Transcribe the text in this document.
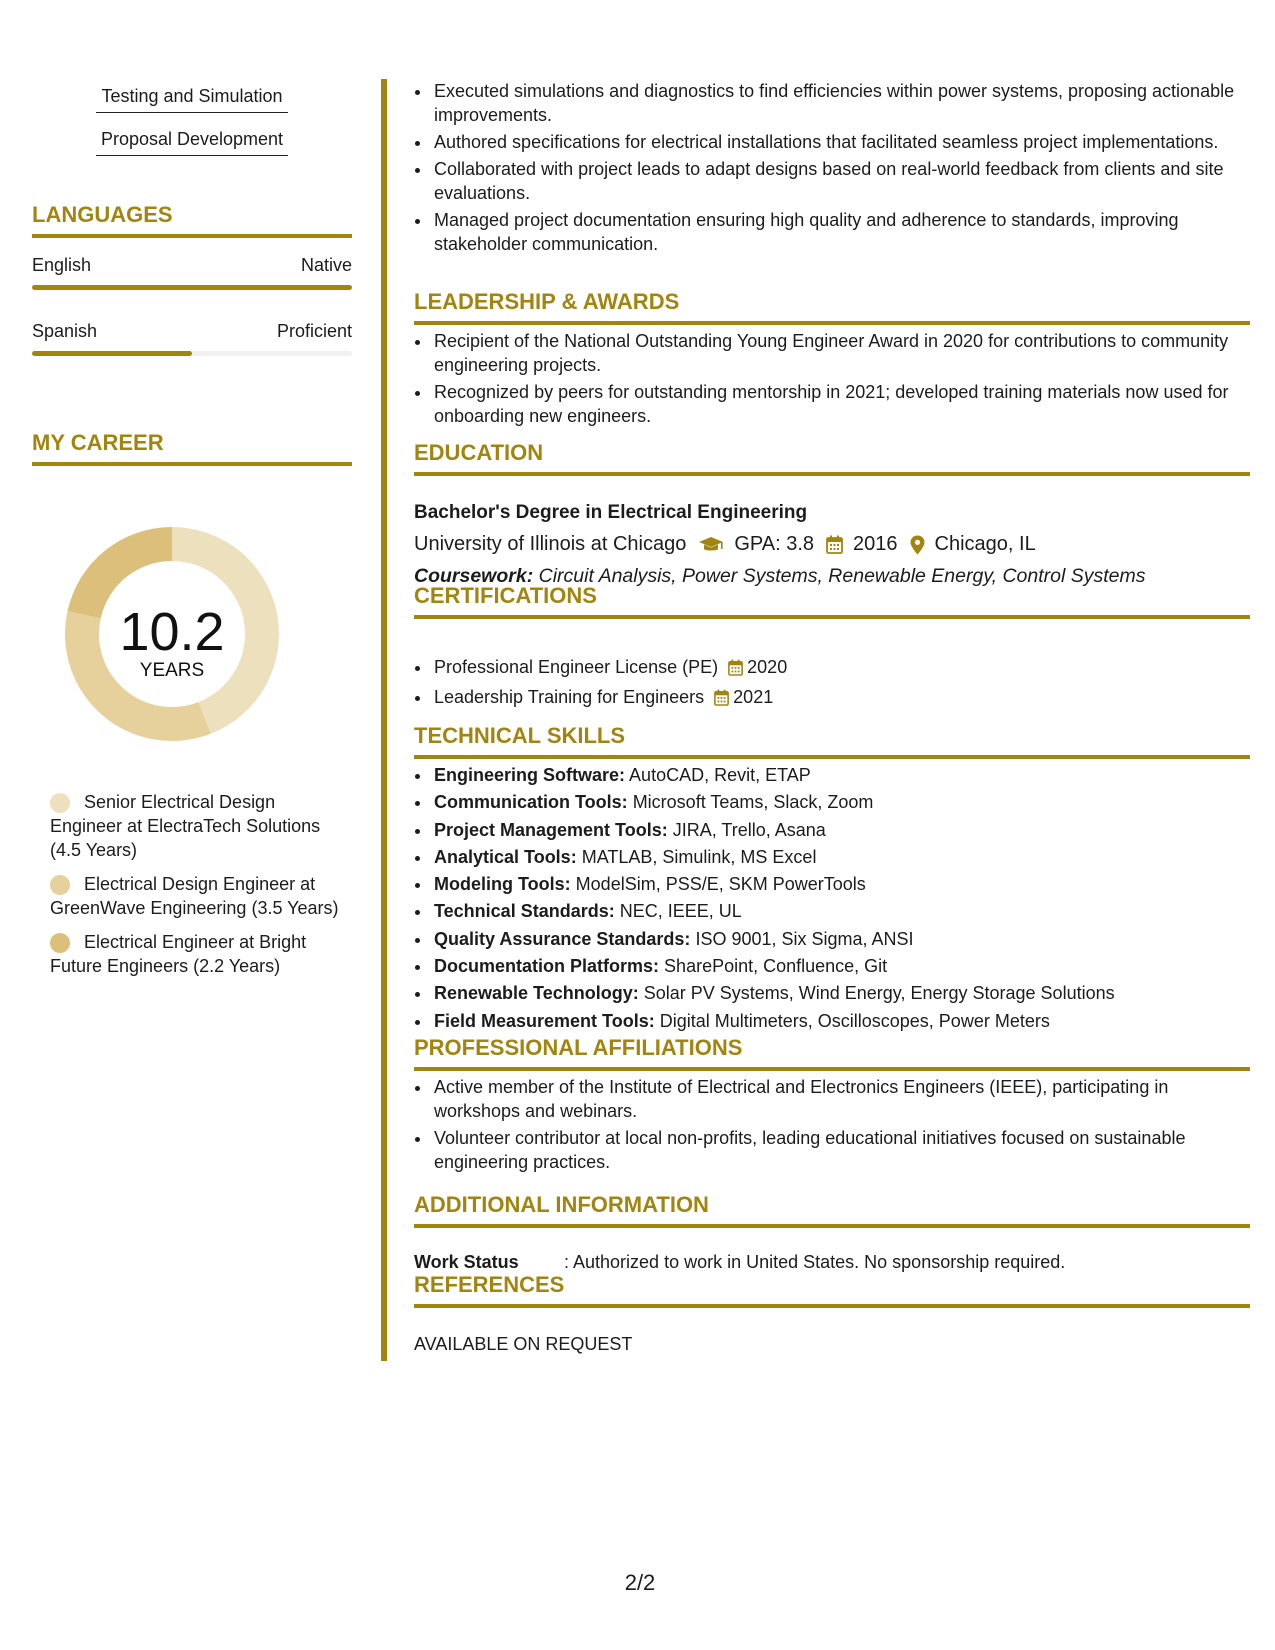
Testing and Simulation
Proposal Development
LANGUAGES
English	Native
Spanish	Proficient
MY CAREER
10.2
YEARS
Senior Electrical Design Engineer at ElectraTech Solutions (4.5 Years)
Electrical Design Engineer at GreenWave Engineering (3.5 Years)
Electrical Engineer at Bright Future Engineers (2.2 Years)
• Executed simulations and diagnostics to find efficiencies within power systems, proposing actionable improvements.
• Authored specifications for electrical installations that facilitated seamless project implementations.
• Collaborated with project leads to adapt designs based on real-world feedback from clients and site evaluations.
• Managed project documentation ensuring high quality and adherence to standards, improving stakeholder communication.
LEADERSHIP & AWARDS
• Recipient of the National Outstanding Young Engineer Award in 2020 for contributions to community engineering projects.
• Recognized by peers for outstanding mentorship in 2021; developed training materials now used for onboarding new engineers.
EDUCATION
Bachelor's Degree in Electrical Engineering
University of Illinois at Chicago GPA: 3.8 2016 Chicago, IL
Coursework: Circuit Analysis, Power Systems, Renewable Energy, Control Systems
CERTIFICATIONS
• Professional Engineer License (PE) 2020
• Leadership Training for Engineers 2021
TECHNICAL SKILLS
• Engineering Software: AutoCAD, Revit, ETAP
• Communication Tools: Microsoft Teams, Slack, Zoom
• Project Management Tools: JIRA, Trello, Asana
• Analytical Tools: MATLAB, Simulink, MS Excel
• Modeling Tools: ModelSim, PSS/E, SKM PowerTools
• Technical Standards: NEC, IEEE, UL
• Quality Assurance Standards: ISO 9001, Six Sigma, ANSI
• Documentation Platforms: SharePoint, Confluence, Git
• Renewable Technology: Solar PV Systems, Wind Energy, Energy Storage Solutions
• Field Measurement Tools: Digital Multimeters, Oscilloscopes, Power Meters
PROFESSIONAL AFFILIATIONS
• Active member of the Institute of Electrical and Electronics Engineers (IEEE), participating in workshops and webinars.
• Volunteer contributor at local non-profits, leading educational initiatives focused on sustainable engineering practices.
ADDITIONAL INFORMATION
Work Status	: Authorized to work in United States. No sponsorship required.
REFERENCES
AVAILABLE ON REQUEST
2/2
